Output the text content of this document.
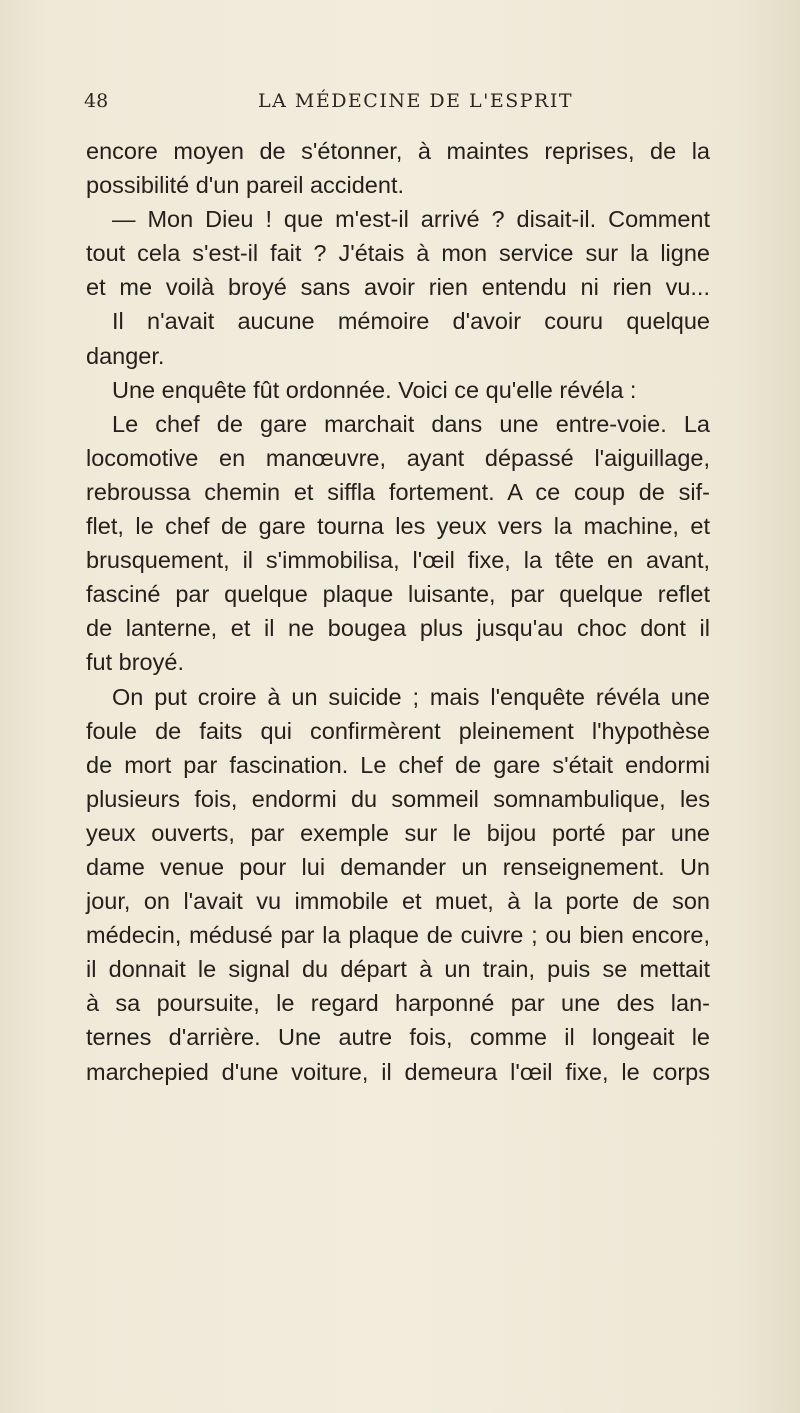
48	LA MÉDECINE DE L'ESPRIT
encore moyen de s'étonner, à maintes reprises, de la
possibilité d'un pareil accident.
— Mon Dieu ! que m'est-il arrivé ? disait-il. Comment
tout cela s'est-il fait ? J'étais à mon service sur la ligne
et me voilà broyé sans avoir rien entendu ni rien vu...
Il n'avait aucune mémoire d'avoir couru quelque
danger.
Une enquête fût ordonnée. Voici ce qu'elle révéla :
Le chef de gare marchait dans une entre-voie. La
locomotive en manœuvre, ayant dépassé l'aiguillage,
rebroussa chemin et siffla fortement. A ce coup de sif-
flet, le chef de gare tourna les yeux vers la machine, et
brusquement, il s'immobilisa, l'œil fixe, la tête en avant,
fasciné par quelque plaque luisante, par quelque reflet
de lanterne, et il ne bougea plus jusqu'au choc dont il
fut broyé.
On put croire à un suicide ; mais l'enquête révéla une
foule de faits qui confirmèrent pleinement l'hypothèse
de mort par fascination. Le chef de gare s'était endormi
plusieurs fois, endormi du sommeil somnambulique, les
yeux ouverts, par exemple sur le bijou porté par une
dame venue pour lui demander un renseignement. Un
jour, on l'avait vu immobile et muet, à la porte de son
médecin, médusé par la plaque de cuivre ; ou bien encore,
il donnait le signal du départ à un train, puis se mettait
à sa poursuite, le regard harponné par une des lan-
ternes d'arrière. Une autre fois, comme il longeait le
marchepied d'une voiture, il demeura l'œil fixe, le corps
